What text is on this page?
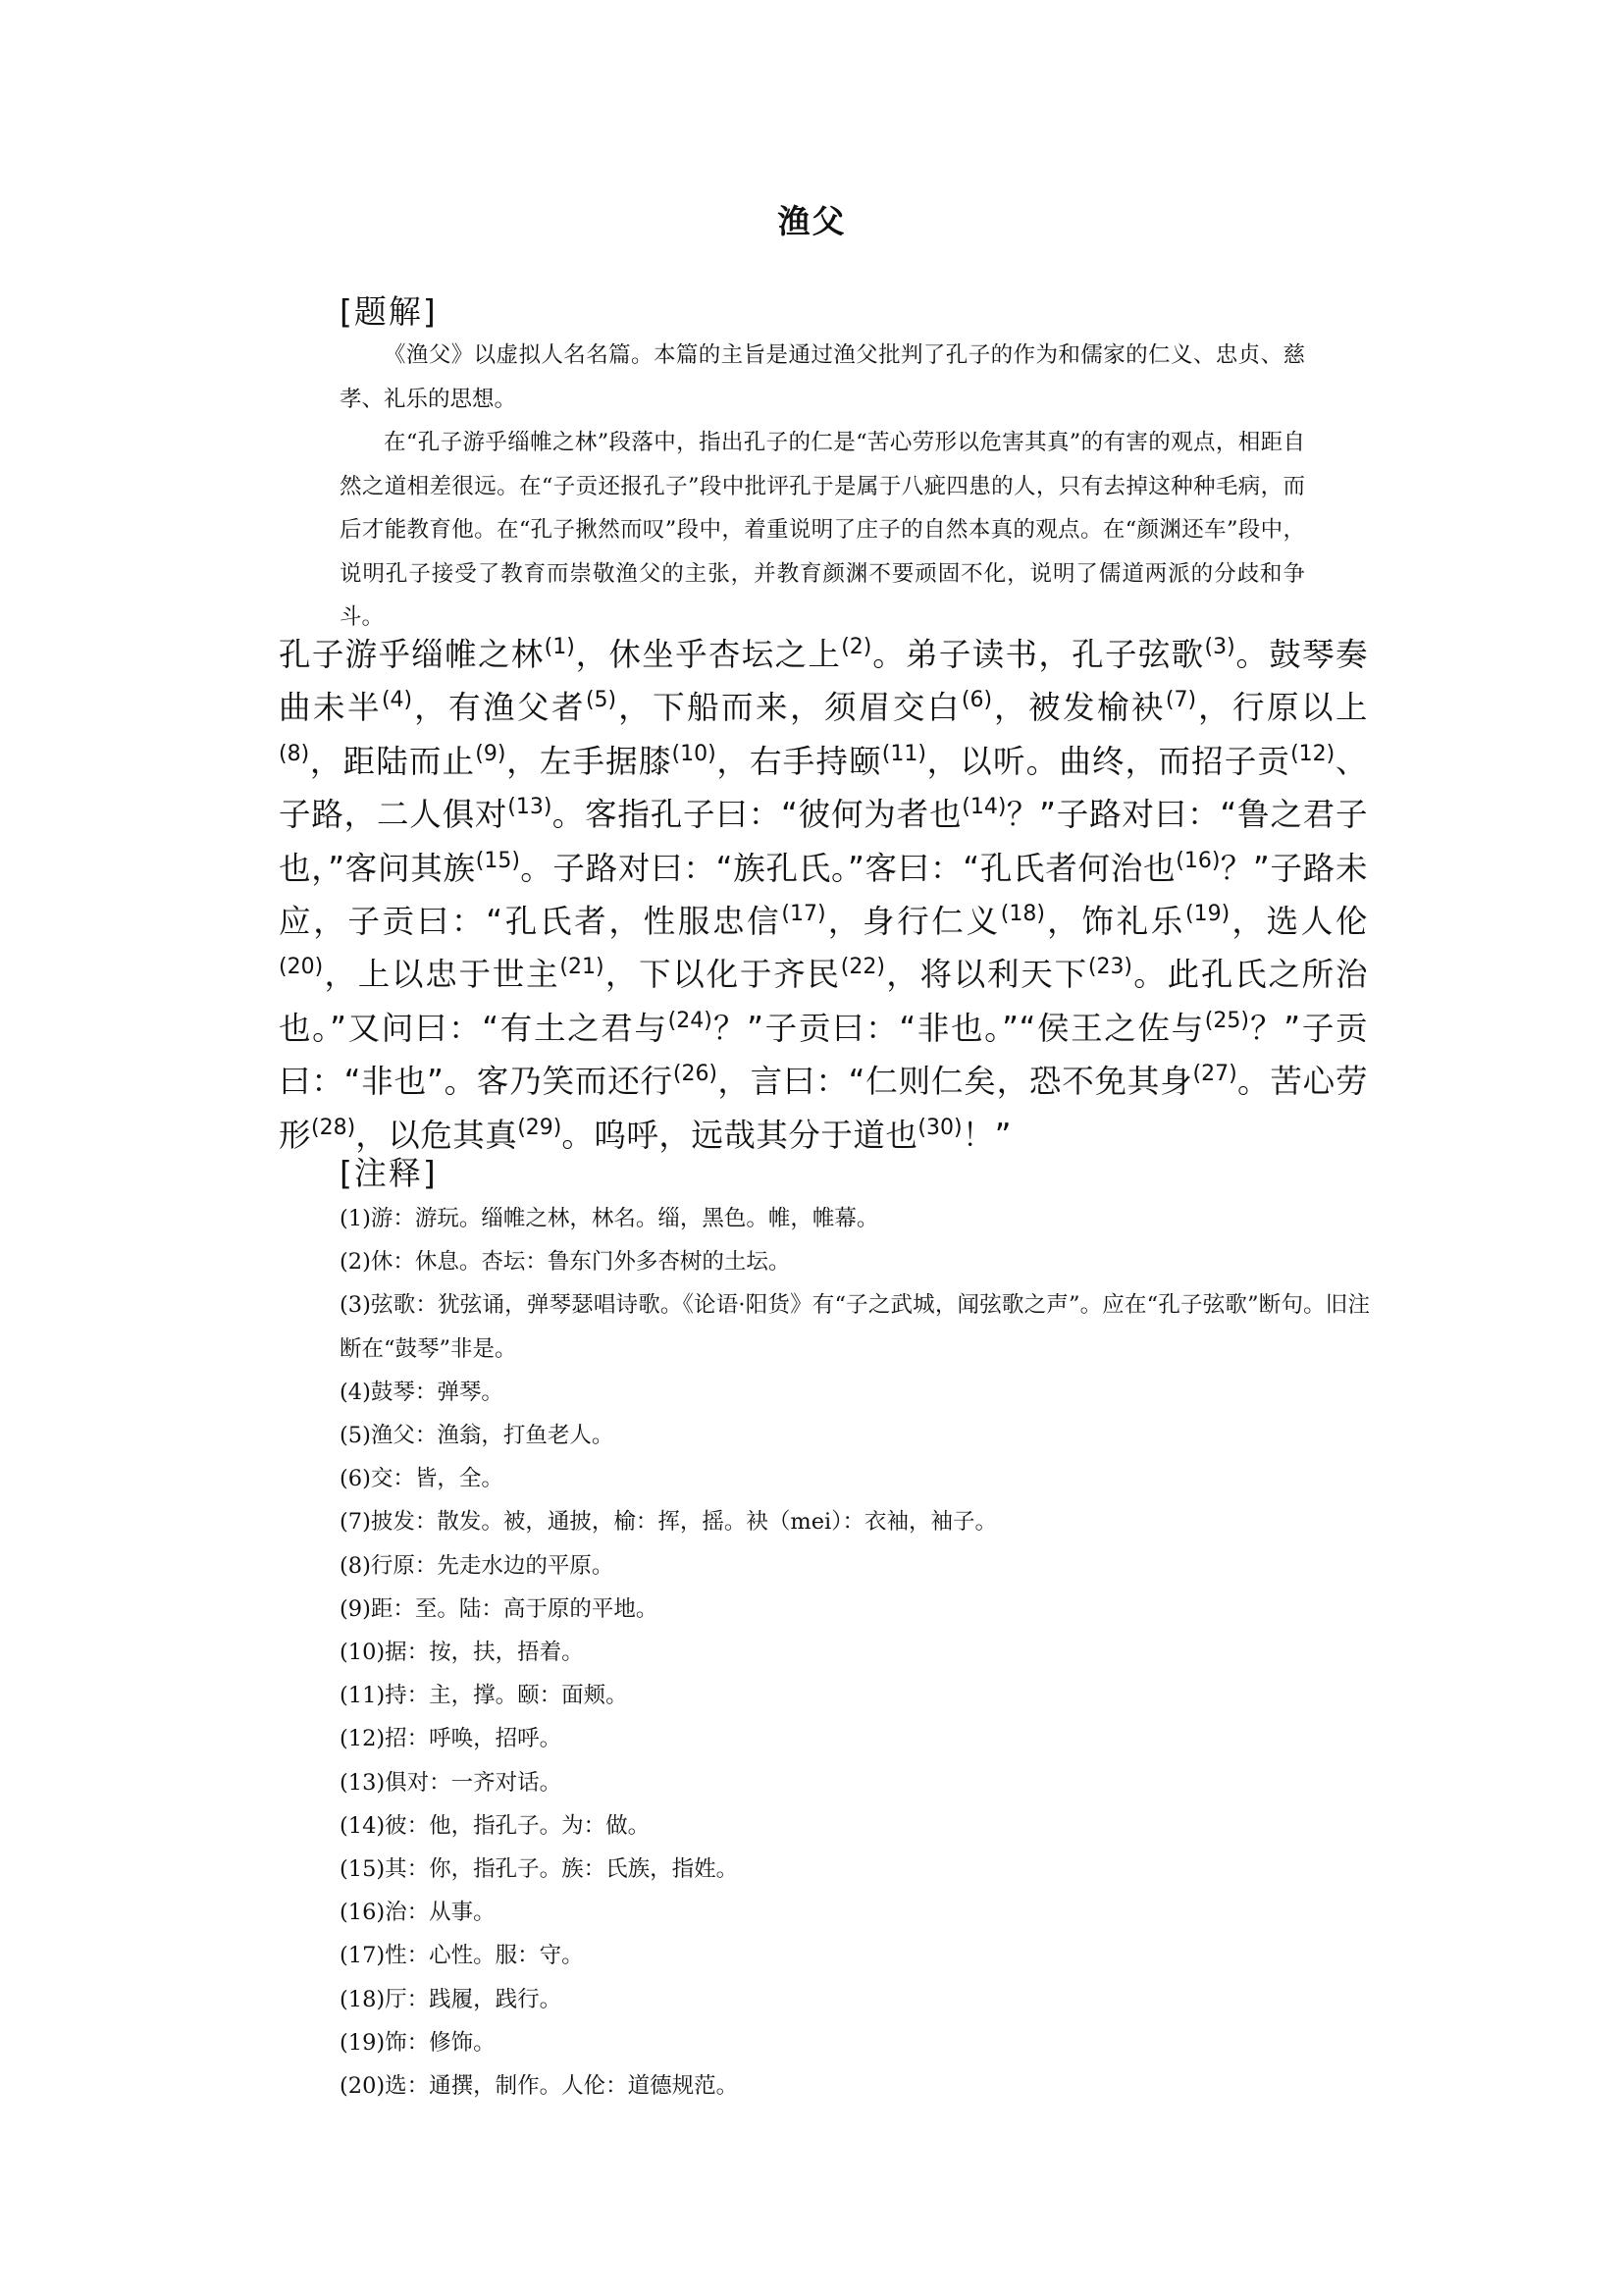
渔父
[题解]

《渔父》以虚拟人名名篇。本篇的主旨是通过渔父批判了孔子的作为和儒家的仁义、忠贞、慈孝、礼乐的思想。

在“孔子游乎缁帷之林”段落中，指出孔子的仁是“苦心劳形以危害其真”的有害的观点，相距自然之道相差很远。在“子贡还报孔子”段中批评孔于是属于八疵四患的人，只有去掉这种种毛病，而后才能教育他。在“孔子揪然而叹”段中，着重说明了庄子的自然本真的观点。在“颜渊还车”段中，说明孔子接受了教育而崇敬渔父的主张，并教育颜渊不要顽固不化，说明了儒道两派的分歧和争斗。

孔子游乎缁帷之林$^{(1)}$，休坐乎杏坛之上$^{(2)}$。弟子读书，孔子弦歌$^{(3)}$。鼓琴奏曲未半$^{(4)}$，有渔父者$^{(5)}$，下船而来，须眉交白$^{(6)}$，被发榆袂$^{(7)}$，行原以上$^{(8)}$，距陆而止$^{(9)}$，左手据膝$^{(10)}$，右手持颐$^{(11)}$，以听。曲终，而招子贡$^{(12)}$、子路，二人俱对$^{(13)}$。客指孔子曰：“彼何为者也$^{(14)}$？”子路对曰：“鲁之君子也，”客问其族$^{(15)}$。子路对曰：“族孔氏。”客曰：“孔氏者何治也$^{(16)}$？”子路未应，子贡曰：“孔氏者，性服忠信$^{(17)}$，身行仁义$^{(18)}$，饰礼乐$^{(19)}$，选人伦$^{(20)}$，上以忠于世主$^{(21)}$，下以化于齐民$^{(22)}$，将以利天下$^{(23)}$。此孔氏之所治也。”又问曰：“有土之君与$^{(24)}$？”子贡曰：“非也。”“侯王之佐与$^{(25)}$？”子贡曰：“非也”。客乃笑而还行$^{(26)}$，言曰：“仁则仁矣，恐不免其身$^{(27)}$。苦心劳形$^{(28)}$，以危其真$^{(29)}$。呜呼，远哉其分于道也$^{(30)}$！”
[注释]

(1)游：游玩。缁帷之林，林名。缁，黑色。帷，帷幕。

(2)休：休息。杏坛：鲁东门外多杏树的土坛。

(3)弦歌：犹弦诵，弹琴瑟唱诗歌。《论语·阳货》有“子之武城，闻弦歌之声”。应在“孔子弦歌”断句。旧注断在“鼓琴”非是。

(4)鼓琴：弹琴。

(5)渔父：渔翁，打鱼老人。

(6)交：皆，全。

(7)披发：散发。被，通披，榆：挥，摇。袂（mei）：衣袖，袖子。

(8)行原：先走水边的平原。

(9)距：至。陆：高于原的平地。

(10)据：按，扶，捂着。

(11)持：主，撑。颐：面颊。

(12)招：呼唤，招呼。

(13)俱对：一齐对话。

(14)彼：他，指孔子。为：做。

(15)其：你，指孔子。族：氏族，指姓。

(16)治：从事。

(17)性：心性。服：守。

(18)厅：践履，践行。

(19)饰：修饰。

(20)选：通撰，制作。人伦：道德规范。
